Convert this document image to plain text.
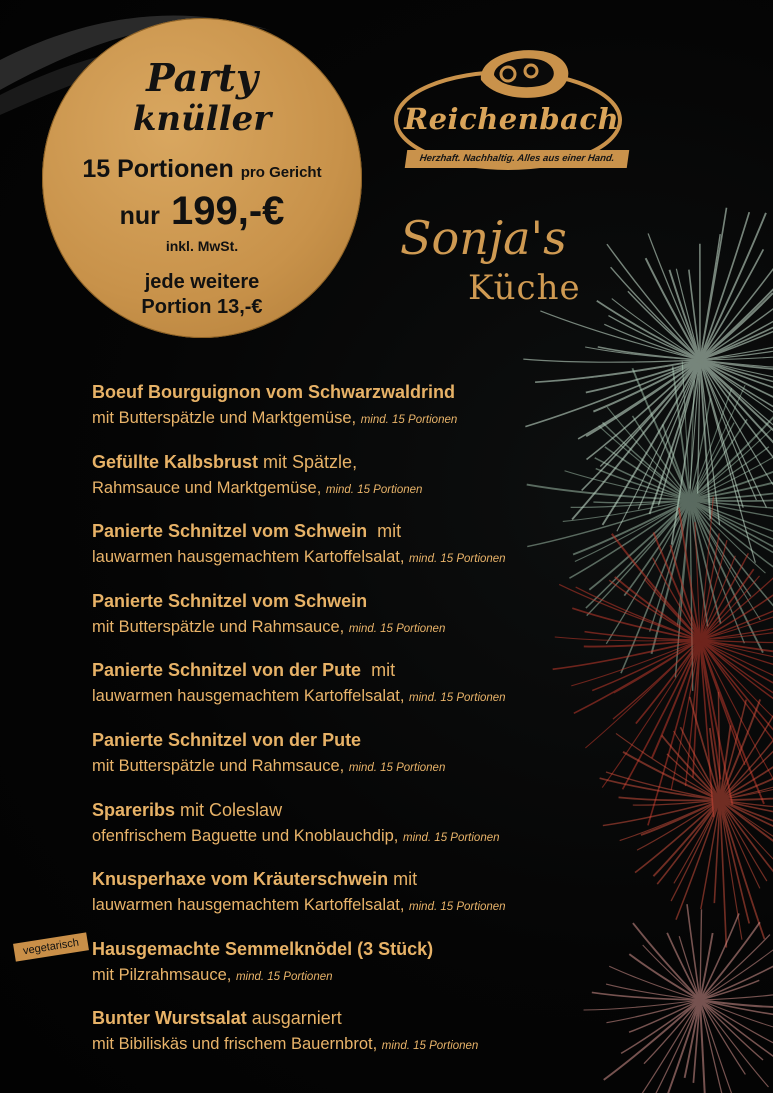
Party
knüller
15 Portionen pro Gericht
nur 199,-€
inkl. MwSt.
jede weitere
Portion 13,-€
Reichenbach
Herzhaft. Nachhaltig. Alles aus einer Hand.
Sonja's
Küche
Boeuf Bourguignon vom Schwarzwaldrind
mit Butterspätzle und Marktgemüse, mind. 15 Portionen
Gefüllte Kalbsbrust mit Spätzle,
Rahmsauce und Marktgemüse, mind. 15 Portionen
Panierte Schnitzel vom Schwein  mit
lauwarmen hausgemachtem Kartoffelsalat, mind. 15 Portionen
Panierte Schnitzel vom Schwein
mit Butterspätzle und Rahmsauce, mind. 15 Portionen
Panierte Schnitzel von der Pute  mit
lauwarmen hausgemachtem Kartoffelsalat, mind. 15 Portionen
Panierte Schnitzel von der Pute
mit Butterspätzle und Rahmsauce, mind. 15 Portionen
Spareribs mit Coleslaw
ofenfrischem Baguette und Knoblauchdip, mind. 15 Portionen
Knusperhaxe vom Kräuterschwein mit
lauwarmen hausgemachtem Kartoffelsalat, mind. 15 Portionen
vegetarisch Hausgemachte Semmelknödel (3 Stück)
mit Pilzrahmsauce, mind. 15 Portionen
Bunter Wurstsalat ausgarniert
mit Bibiliskäs und frischem Bauernbrot, mind. 15 Portionen
